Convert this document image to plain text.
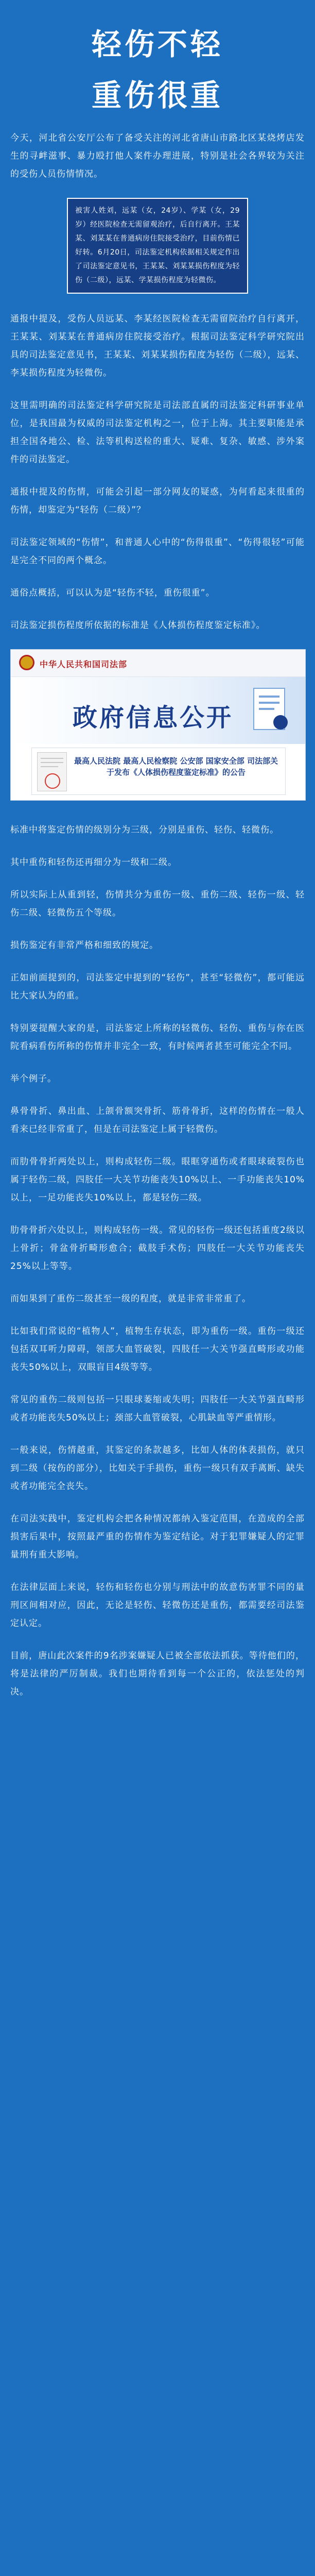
轻伤不轻
重伤很重

今天，河北省公安厅公布了备受关注的河北省唐山市路北区某烧烤店发生的寻衅滋事、暴力殴打他人案件办理进展，特别是社会各界较为关注的受伤人员伤情情况。

被害人姓刘，远某（女，24岁）、学某（女，29岁）经医院检查无需留观治疗，后自行离开。王某某、刘某某在普通病房住院接受治疗，目前伤情已好转。6月20日，司法鉴定机构依据相关规定作出了司法鉴定意见书，王某某、刘某某损伤程度为轻伤（二级），远某、学某损伤程度为轻微伤。

通报中提及，受伤人员远某、李某经医院检查无需留院治疗自行离开，王某某、刘某某在普通病房住院接受治疗。根据司法鉴定科学研究院出具的司法鉴定意见书，王某某、刘某某损伤程度为轻伤（二级），远某、李某损伤程度为轻微伤。

这里需明确的司法鉴定科学研究院是司法部直属的司法鉴定科研事业单位，是我国最为权威的司法鉴定机构之一，位于上海。其主要职能是承担全国各地公、检、法等机构送检的重大、疑难、复杂、敏感、涉外案件的司法鉴定。

通报中提及的伤情，可能会引起一部分网友的疑惑，为何看起来很重的伤情，却鉴定为“轻伤（二级）”？

司法鉴定领域的“伤情”，和普通人心中的“伤得很重”、“伤得很轻”可能是完全不同的两个概念。

通俗点概括，可以认为是“轻伤不轻，重伤很重”。

司法鉴定损伤程度所依据的标准是《人体损伤程度鉴定标准》。

中华人民共和国司法部
政府信息公开
最高人民法院 最高人民检察院 公安部 国家安全部 司法部关于发布《人体损伤程度鉴定标准》的公告

标准中将鉴定伤情的级别分为三级，分别是重伤、轻伤、轻微伤。

其中重伤和轻伤还再细分为一级和二级。

所以实际上从重到轻，伤情共分为重伤一级、重伤二级、轻伤一级、轻伤二级、轻微伤五个等级。

损伤鉴定有非常严格和细致的规定。

正如前面提到的，司法鉴定中提到的“轻伤”，甚至“轻微伤”，都可能远比大家认为的重。

特别要提醒大家的是，司法鉴定上所称的轻微伤、轻伤、重伤与你在医院看病看伤所称的伤情并非完全一致，有时候两者甚至可能完全不同。

举个例子。

鼻骨骨折、鼻出血、上颌骨额突骨折、筋骨骨折，这样的伤情在一般人看来已经非常重了，但是在司法鉴定上属于轻微伤。

而肋骨骨折两处以上，则构成轻伤二级。眼眶穿通伤或者眼球破裂伤也属于轻伤二级，四肢任一大关节功能丧失10%以上、一手功能丧失10%以上，一足功能丧失10%以上，都是轻伤二级。

肋骨骨折六处以上，则构成轻伤一级。常见的轻伤一级还包括重度2级以上骨折；骨盆骨折畸形愈合；截肢手术伤；四肢任一大关节功能丧失25%以上等等。

而如果到了重伤二级甚至一级的程度，就是非常非常重了。

比如我们常说的“植物人”，植物生存状态，即为重伤一级。重伤一级还包括双耳听力障碍，领部大血管破裂，四肢任一大关节强直畸形或功能丧失50%以上，双眼盲目4级等等。

常见的重伤二级则包括一只眼球萎缩或失明；四肢任一大关节强直畸形或者功能丧失50%以上；颈部大血管破裂，心肌缺血等严重情形。

一般来说，伤情越重，其鉴定的条款越多，比如人体的体表损伤，就只到二级（按伤的部分），比如关于手损伤，重伤一级只有双手离断、缺失或者功能完全丧失。

在司法实践中，鉴定机构会把各种情况都纳入鉴定范围，在造成的全部损害后果中，按照最严重的伤情作为鉴定结论。对于犯罪嫌疑人的定罪量刑有重大影响。

在法律层面上来说，轻伤和轻伤也分别与刑法中的故意伤害罪不同的量刑区间相对应，因此，无论是轻伤、轻微伤还是重伤，都需要经司法鉴定认定。

目前，唐山此次案件的9名涉案嫌疑人已被全部依法抓获。等待他们的，将是法律的严厉制裁。我们也期待看到每一个公正的，依法惩处的判决。
